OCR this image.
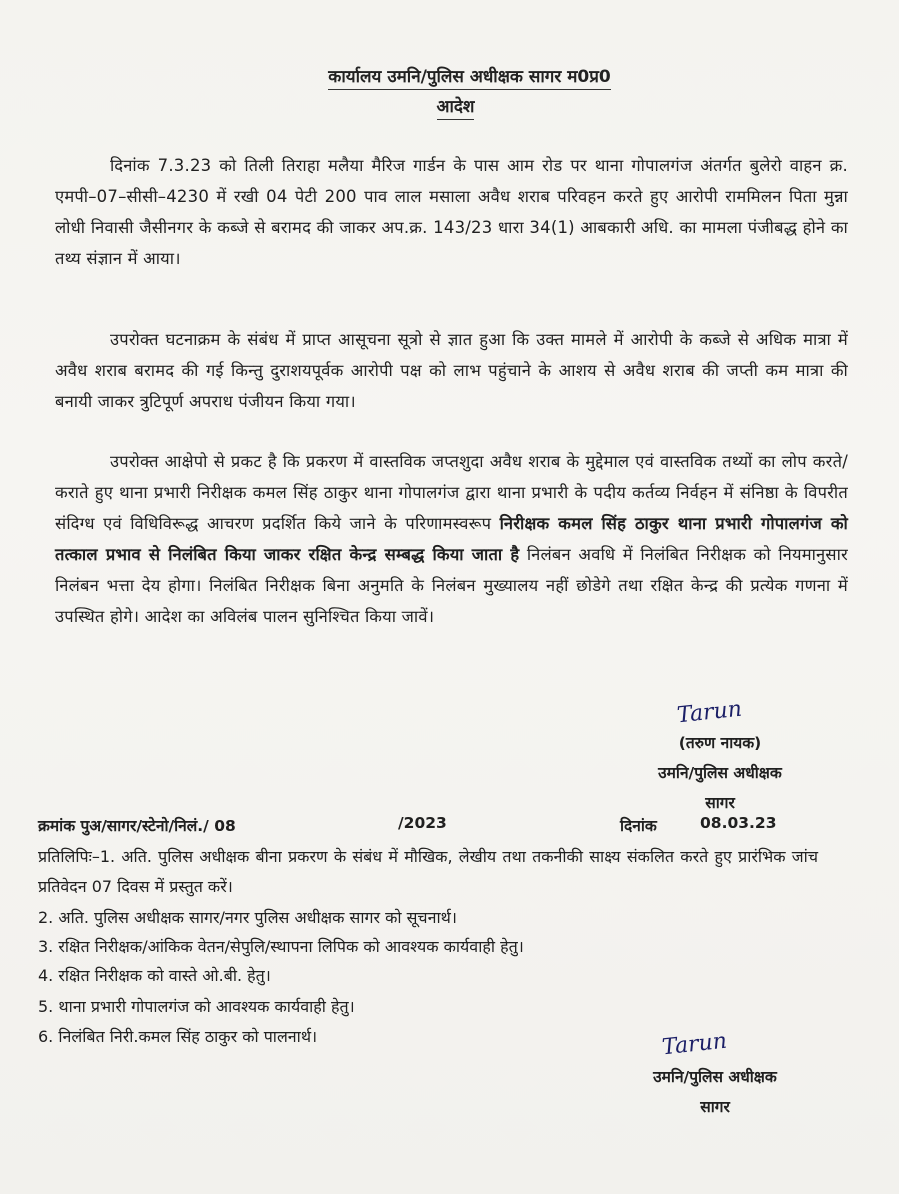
कार्यालय उमनि/पुलिस अधीक्षक सागर म0प्र0
आदेश
दिनांक 7.3.23 को तिली तिराहा मलैया मैरिज गार्डन के पास आम रोड पर थाना गोपालगंज अंतर्गत बुलेरो वाहन क्र. एमपी–07–सीसी–4230 में रखी 04 पेटी 200 पाव लाल मसाला अवैध शराब परिवहन करते हुए आरोपी राममिलन पिता मुन्ना लोधी निवासी जैसीनगर के कब्जे से बरामद की जाकर अप.क्र. 143/23 धारा 34(1) आबकारी अधि. का मामला पंजीबद्ध होने का तथ्य संज्ञान में आया।
उपरोक्त घटनाक्रम के संबंध में प्राप्त आसूचना सूत्रो से ज्ञात हुआ कि उक्त मामले में आरोपी के कब्जे से अधिक मात्रा में अवैध शराब बरामद की गई किन्तु दुराशयपूर्वक आरोपी पक्ष को लाभ पहुंचाने के आशय से अवैध शराब की जप्ती कम मात्रा की बनायी जाकर त्रुटिपूर्ण अपराध पंजीयन किया गया।
उपरोक्त आक्षेपो से प्रकट है कि प्रकरण में वास्तविक जप्तशुदा अवैध शराब के मुद्देमाल एवं वास्तविक तथ्यों का लोप करते/कराते हुए थाना प्रभारी निरीक्षक कमल सिंह ठाकुर थाना गोपालगंज द्वारा थाना प्रभारी के पदीय कर्तव्य निर्वहन में संनिष्ठा के विपरीत संदिग्ध एवं विधिविरूद्ध आचरण प्रदर्शित किये जाने के परिणामस्वरूप निरीक्षक कमल सिंह ठाकुर थाना प्रभारी गोपालगंज को तत्काल प्रभाव से निलंबित किया जाकर रक्षित केन्द्र सम्बद्ध किया जाता है निलंबन अवधि में निलंबित निरीक्षक को नियमानुसार निलंबन भत्ता देय होगा। निलंबित निरीक्षक बिना अनुमति के निलंबन मुख्यालय नहीं छोडेगे तथा रक्षित केन्द्र की प्रत्येक गणना में उपस्थित होगे। आदेश का अविलंब पालन सुनिश्चित किया जावें।
Tarun
(तरुण नायक)
उमनि/पुलिस अधीक्षक
सागर
क्रमांक पुअ/सागर/स्टेनो/निलं./ 08	/2023	दिनांक	08.03.23
प्रतिलिपिः–1. अति. पुलिस अधीक्षक बीना प्रकरण के संबंध में मौखिक, लेखीय तथा तकनीकी साक्ष्य संकलित करते हुए प्रारंभिक जांच प्रतिवेदन 07 दिवस में प्रस्तुत करें।
2. अति. पुलिस अधीक्षक सागर/नगर पुलिस अधीक्षक सागर को सूचनार्थ।
3. रक्षित निरीक्षक/आंकिक वेतन/सेपुलि/स्थापना लिपिक को आवश्यक कार्यवाही हेतु।
4. रक्षित निरीक्षक को वास्ते ओ.बी. हेतु।
5. थाना प्रभारी गोपालगंज को आवश्यक कार्यवाही हेतु।
6. निलंबित निरी.कमल सिंह ठाकुर को पालनार्थ।	Tarun
उमनि/पुलिस अधीक्षक
सागर
